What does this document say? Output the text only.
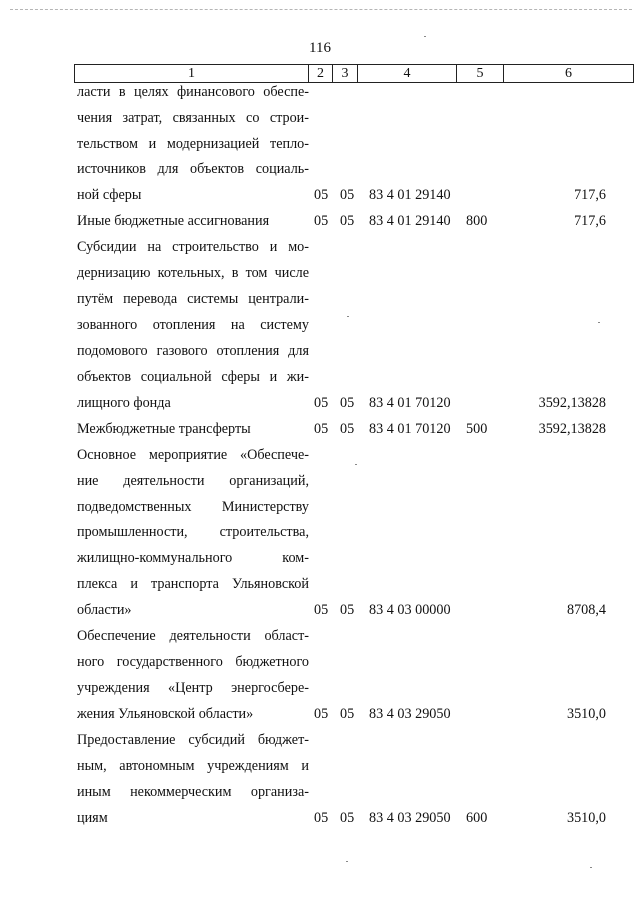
116
1	2	3	4	5	6
ласти в целях финансового обеспе-
чения затрат, связанных со строи-
тельством и модернизацией тепло-
источников для объектов социаль-
ной сферы	05 05 83 4 01 29140	717,6
Иные бюджетные ассигнования	05 05 83 4 01 29140 800	717,6
Субсидии на строительство и мо-
дернизацию котельных, в том числе
путём перевода системы централи-
зованного отопления на систему
подомового газового отопления для
объектов социальной сферы и жи-
лищного фонда	05 05 83 4 01 70120	3592,13828
Межбюджетные трансферты	05 05 83 4 01 70120 500	3592,13828
Основное мероприятие «Обеспече-
ние деятельности организаций,
подведомственных Министерству
промышленности, строительства,
жилищно-коммунального ком-
плекса и транспорта Ульяновской
области»	05 05 83 4 03 00000	8708,4
Обеспечение деятельности област-
ного государственного бюджетного
учреждения «Центр энергосбере-
жения Ульяновской области»	05 05 83 4 03 29050	3510,0
Предоставление субсидий бюджет-
ным, автономным учреждениям и
иным некоммерческим организа-
циям	05 05 83 4 03 29050 600	3510,0
